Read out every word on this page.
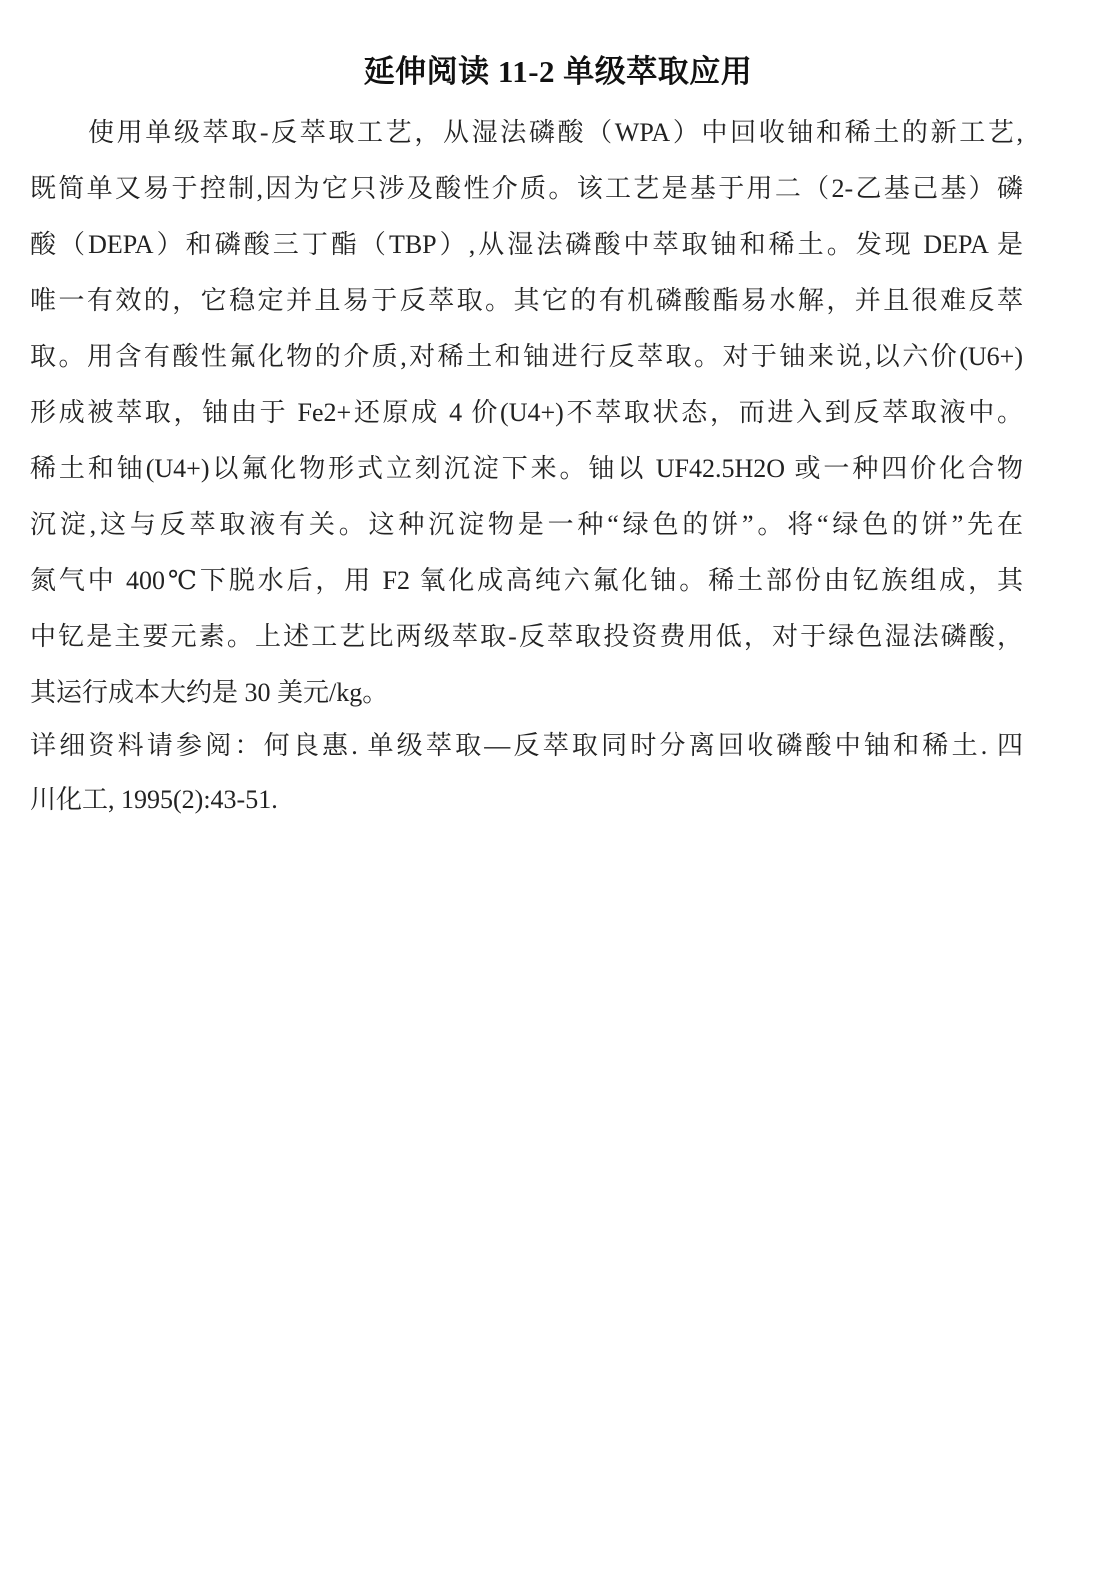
延伸阅读 11-2 单级萃取应用
使用单级萃取-反萃取工艺，从湿法磷酸（WPA）中回收铀和稀土的新工艺,
既简单又易于控制,因为它只涉及酸性介质。该工艺是基于用二（2-乙基己基）磷
酸（DEPA）和磷酸三丁酯（TBP）,从湿法磷酸中萃取铀和稀土。发现 DEPA 是
唯一有效的，它稳定并且易于反萃取。其它的有机磷酸酯易水解，并且很难反萃
取。用含有酸性氟化物的介质,对稀土和铀进行反萃取。对于铀来说,以六价(U6+)
形成被萃取，铀由于 Fe2+还原成 4 价(U4+)不萃取状态，而进入到反萃取液中。
稀土和铀(U4+)以氟化物形式立刻沉淀下来。铀以 UF42.5H2O 或一种四价化合物
沉淀,这与反萃取液有关。这种沉淀物是一种“绿色的饼”。将“绿色的饼”先在
氮气中 400℃下脱水后，用 F2 氧化成高纯六氟化铀。稀土部份由钇族组成，其
中钇是主要元素。上述工艺比两级萃取-反萃取投资费用低，对于绿色湿法磷酸，
其运行成本大约是 30 美元/kg。
详细资料请参阅：何良惠. 单级萃取—反萃取同时分离回收磷酸中铀和稀土. 四
川化工, 1995(2):43-51.
